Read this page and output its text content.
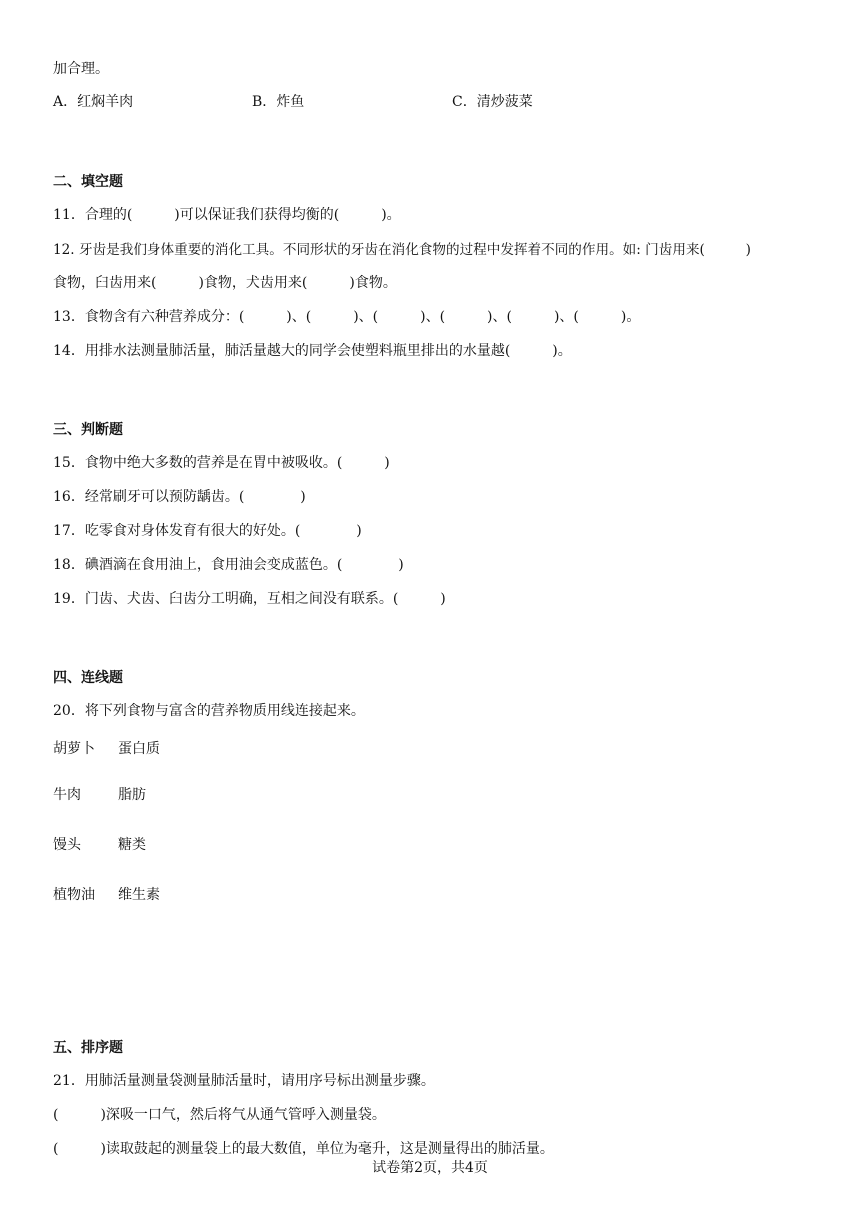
加合理。
A．红焖羊肉	B．炸鱼	C．清炒菠菜
二、填空题
11．合理的(　　　)可以保证我们获得均衡的(　　　)。
12. 牙齿是我们身体重要的消化工具。不同形状的牙齿在消化食物的过程中发挥着不同的作用。如: 门齿用来(　　　)
食物，臼齿用来(　　　)食物，犬齿用来(　　　)食物。
13．食物含有六种营养成分：(　　　)、(　　　)、(　　　)、(　　　)、(　　　)、(　　　)。
14．用排水法测量肺活量，肺活量越大的同学会使塑料瓶里排出的水量越(　　　)。
三、判断题
15．食物中绝大多数的营养是在胃中被吸收。(　　　)
16．经常刷牙可以预防龋齿。(　　　　)
17．吃零食对身体发育有很大的好处。(　　　　)
18．碘酒滴在食用油上，食用油会变成蓝色。(　　　　)
19．门齿、犬齿、臼齿分工明确，互相之间没有联系。(　　　)
四、连线题
20．将下列食物与富含的营养物质用线连接起来。
胡萝卜 蛋白质
牛肉	脂肪
馒头	糖类
植物油 维生素
五、排序题
21．用肺活量测量袋测量肺活量时，请用序号标出测量步骤。
(　　　)深吸一口气，然后将气从通气管呼入测量袋。
(　　　)读取鼓起的测量袋上的最大数值，单位为毫升，这是测量得出的肺活量。
试卷第2页，共4页
